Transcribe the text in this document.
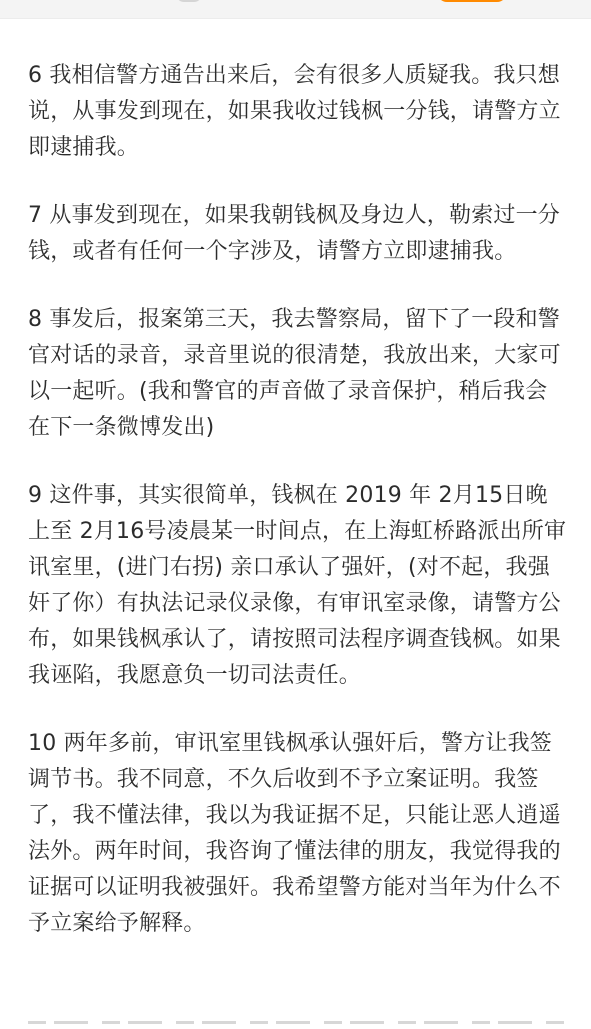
6 我相信警方通告出来后，会有很多人质疑我。我只想说，从事发到现在，如果我收过钱枫一分钱，请警方立即逮捕我。

7 从事发到现在，如果我朝钱枫及身边人，勒索过一分钱，或者有任何一个字涉及，请警方立即逮捕我。

8 事发后，报案第三天，我去警察局，留下了一段和警官对话的录音，录音里说的很清楚，我放出来，大家可以一起听。(我和警官的声音做了录音保护，稍后我会在下一条微博发出)

9 这件事，其实很简单，钱枫在 2019 年 2月15日晚上至 2月16号凌晨某一时间点，在上海虹桥路派出所审讯室里，(进门右拐) 亲口承认了强奸，(对不起，我强奸了你）有执法记录仪录像，有审讯室录像，请警方公布，如果钱枫承认了，请按照司法程序调查钱枫。如果我诬陷，我愿意负一切司法责任。

10 两年多前，审讯室里钱枫承认强奸后，警方让我签调节书。我不同意，不久后收到不予立案证明。我签了，我不懂法律，我以为我证据不足，只能让恶人逍遥法外。两年时间，我咨询了懂法律的朋友，我觉得我的证据可以证明我被强奸。我希望警方能对当年为什么不予立案给予解释。
